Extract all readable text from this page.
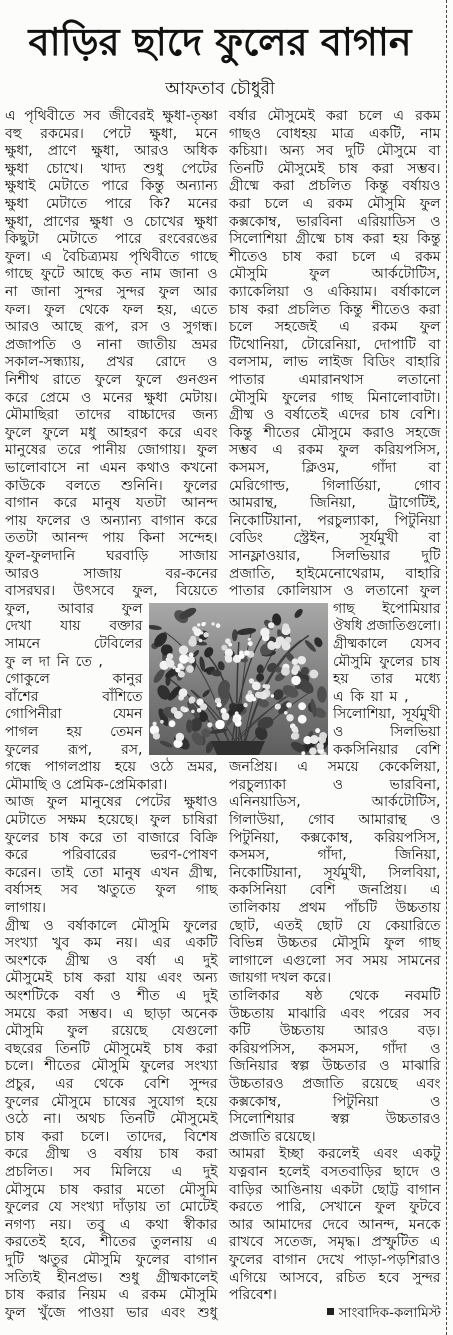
বাড়ির ছাদে ফুলের বাগান
আফতাব চৌধুরী
এ পৃথিবীতে সব জীবেরই ক্ষুধা-তৃষ্ণা
বহু রকমের। পেটে ক্ষুধা, মনে
ক্ষুধা, প্রাণে ক্ষুধা, আরও অধিক
ক্ষুধা চোখে। খাদ্য শুধু পেটের
ক্ষুধাই মেটাতে পারে কিন্তু অন্যান্য
ক্ষুধা মেটাতে পারে কি? মনের
ক্ষুধা, প্রাণের ক্ষুধা ও চোখের ক্ষুধা
কিছুটা মেটাতে পারে রংবেরঙের
ফুল। এ বৈচিত্র্যময় পৃথিবীতে গাছে
গাছে ফুটে আছে কত নাম জানা ও
না জানা সুন্দর সুন্দর ফুল আর
ফল। ফুল থেকে ফল হয়, এতে
আরও আছে রূপ, রস ও সুগন্ধ।
প্রজাপতি ও নানা জাতীয় ভ্রমর
সকাল-সন্ধ্যায়, প্রখর রোদে ও
নিশীথ রাতে ফুলে ফুলে গুনগুন
করে প্রেমে ও মনের ক্ষুধা মেটায়।
মৌমাছিরা তাদের বাচ্চাদের জন্য
ফুলে ফুলে মধু আহরণ করে এবং
মানুষের তরে পানীয় জোগায়। ফুল
ভালোবাসে না এমন কথাও কখনো
কাউকে বলতে শুনিনি। ফুলের
বাগান করে মানুষ যতটা আনন্দ
পায় ফলের ও অন্যান্য বাগান করে
ততটা আনন্দ পায় কিনা সন্দেহ।
ফুল-ফুলদানি ঘরবাড়ি সাজায়
আরও সাজায় বর-কনের
বাসরঘর। উৎসবে ফুল, বিয়েতে
ফুল, আবার ফুল
দেখা যায় বক্তার
সামনে টেবিলের
ফুলদানিতে,
গোকুলে কানুর
বাঁশের বাঁশিতে
গোপিনীরা যেমন
পাগল হয় তেমন
ফুলের রূপ, রস,
গন্ধে পাগলপ্রায় হয়ে ওঠে ভ্রমর,
মৌমাছি ও প্রেমিক-প্রেমিকারা।
আজ ফুল মানুষের পেটের ক্ষুধাও
মেটাতে সক্ষম হয়েছে। ফুল চাষিরা
ফুলের চাষ করে তা বাজারে বিক্রি
করে পরিবারের ভরণ-পোষণ
করেন। তাই তো মানুষ এখন গ্রীষ্ম,
বর্ষাসহ সব ঋতুতে ফুল গাছ
লাগায়।
গ্রীষ্ম ও বর্ষাকালে মৌসুমি ফুলের
সংখ্যা খুব কম নয়। এর একটি
অংশকে গ্রীষ্ম ও বর্ষা এ দুই
মৌসুমেই চাষ করা যায় এবং অন্য
অংশটিকে বর্ষা ও শীত এ দুই
সময়ে করা সম্ভব। এ ছাড়া অনেক
মৌসুমি ফুল রয়েছে যেগুলো
বছরের তিনটি মৌসুমেই চাষ করা
চলে। শীতের মৌসুমি ফুলের সংখ্যা
প্রচুর, এর থেকে বেশি সুন্দর
ফুলের মৌসুমে চাষের সুযোগ হয়ে
ওঠে না। অথচ তিনটি মৌসুমেই
চাষ করা চলে। তাদের, বিশেষ
করে গ্রীষ্ম ও বর্ষায় চাষ করা
প্রচলিত। সব মিলিয়ে এ দুই
মৌসুমে চাষ করার মতো মৌসুমি
ফুলের যে সংখ্যা দাঁড়ায় তা মোটেই
নগণ্য নয়। তবু এ কথা স্বীকার
করতেই হবে, শীতের তুলনায় এ
দুটি ঋতুর মৌসুমি ফুলের বাগান
সত্যিই হীনপ্রভ। শুধু গ্রীষ্মকালেই
চাষ করার নিয়ম এ রকম মৌসুমি
ফুল খুঁজে পাওয়া ভার এবং শুধু
বর্ষার মৌসুমেই করা চলে এ রকম
গাছও বোধহয় মাত্র একটি, নাম
কচিয়া। অন্য সব দুটি মৌসুমে বা
তিনটি মৌসুমেই চাষ করা সম্ভব।
গ্রীষ্মে করা প্রচলিত কিন্তু বর্ষায়ও
করা চলে এ রকম মৌসুমি ফুল
কক্সকোম্ব, ভারবিনা এরিয়াডিস ও
সিলোশিয়া গ্রীষ্মে চাষ করা হয় কিন্তু
শীতেও চাষ করা চলে এ রকম
মৌসুমি ফুল আর্কটোটিস,
ক্যাকেলিয়া ও একিয়াম। বর্ষাকালে
চাষ করা প্রচলিত কিন্তু শীতেও করা
চলে সহজেই এ রকম ফুল
টিথোনিয়া, টোরেনিয়া, দোপাটি বা
বলসাম, লাভ লাইজ বিডিং বাহারি
পাতার এমারানথাস লতানো
মৌসুমি ফুলের গাছ মিনালোবাটা।
গ্রীষ্ম ও বর্ষাতেই এদের চাষ বেশি।
কিন্তু শীতের মৌসুমে করাও সহজে
সম্ভব এ রকম ফুল করিয়পসিস,
কসমস, ক্লিওম, গাঁদা বা
মেরিগোল্ড, গিলার্ডিয়া, গোব
আমরান্থ, জিনিয়া, ট্রাগেটিই,
নিকোটিয়ানা, পরচুল্যাকা, পিটুনিয়া
বেডিং স্ট্রেইন, সূর্যমুখী বা
সানফ্লাওয়ার, সিলভিয়ার দুটি
প্রজাতি, হাইমেনোথেরাম, বাহারি
পাতার কোলিয়াস ও লতানো ফুল
গাছ ইপোমিয়ার
ঔষধি প্রজাতিগুলো।
গ্রীষ্মকালে যেসব
মৌসুমি ফুলের চাষ
হয় তার মধ্যে
একিয়াম,
সিলোশিয়া, সূর্যমুখী
ও সিলভিয়া
ককসিনিয়ার বেশি
জনপ্রিয়। এ সময়ে কেকেলিয়া,
পরচুল্যাকা ও ভারবিনা,
এনিনয়াডিস, আর্কটোটিস,
গিলাউয়া, গোব আমারান্থ ও
পিটুনিয়া, কক্সকোম্ব, করিয়পসিস,
কসমস, গাঁদা, জিনিয়া,
নিকোটিয়ানা, সূর্যমুখী, সিলবিয়া,
ককসিনিয়া বেশি জনপ্রিয়। এ
তালিকায় প্রথম পাঁচটি উচ্চতায়
ছোট, এতই ছোট যে কেয়ারিতে
বিভিন্ন উচ্চতর মৌসুমি ফুল গাছ
লাগালে এগুলো সব সময় সামনের
জায়গা দখল করে।
তালিকার ষষ্ঠ থেকে নবমটি
উচ্চতায় মাঝারি এবং পরের সব
কটি উচ্চতায় আরও বড়।
করিয়পসিস, কসমস, গাঁদা ও
জিনিয়ার স্বল্প উচ্চতার ও মাঝারি
উচ্চতারও প্রজাতি রয়েছে এবং
কক্সকোম্ব, পিটুনিয়া ও
সিলোশিয়ার স্বল্প উচ্চতারও
প্রজাতি রয়েছে।
আমরা ইচ্ছা করলেই এবং একটু
যত্নবান হলেই বসতবাড়ির ছাদে ও
বাড়ির আঙিনায় একটা ছোট্ট বাগান
করতে পারি, সেখানে ফুল ফুটবে
আর আমাদের দেবে আনন্দ, মনকে
রাখবে সতেজ, সমৃদ্ধ। প্রস্ফুটিত এ
ফুলের বাগান দেখে পাড়া-পড়শিরাও
এগিয়ে আসবে, রচিত হবে সুন্দর
পরিবেশ।
সাংবাদিক-কলামিস্ট
